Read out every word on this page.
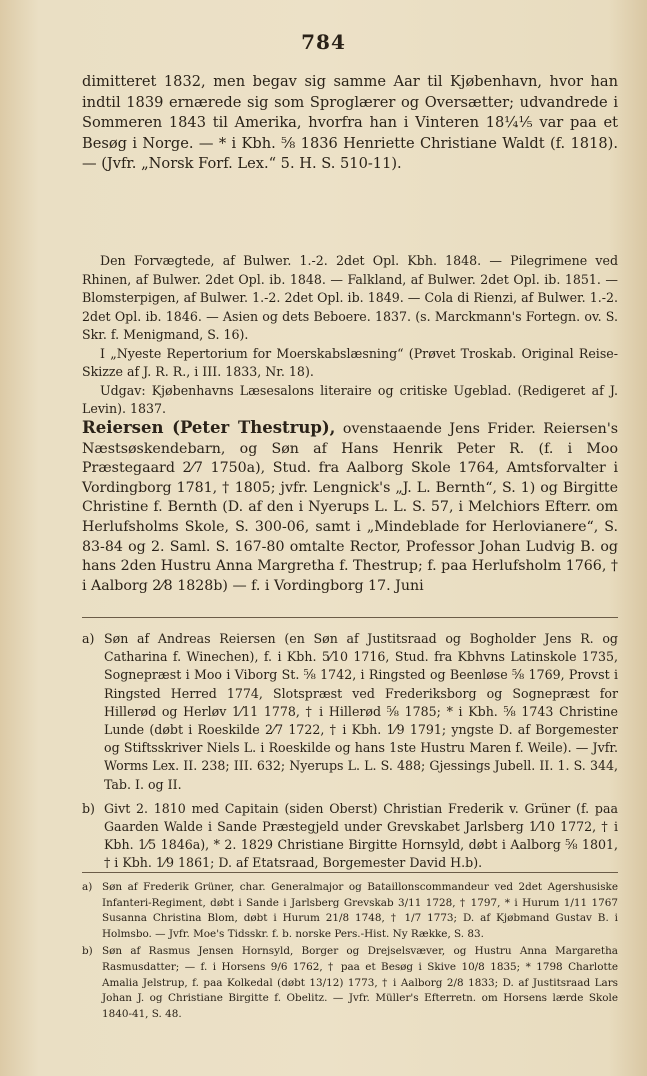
784

dimitteret 1832, men begav sig samme Aar til Kjøbenhavn, hvor han indtil 1839 ernærede sig som Sproglærer og Oversætter; udvandrede i Sommeren 1843 til Amerika, hvorfra han i Vinteren 18¼⅕ var paa et Besøg i Norge. — * i Kbh. ⅝ 1836 Henriette Christiane Waldt (f. 1818). — (Jvfr. „Norsk Forf. Lex.“ 5. H. S. 510-11).

Den Forvægtede, af Bulwer. 1.-2. 2det Opl. Kbh. 1848. — Pilegrimene ved Rhinen, af Bulwer. 2det Opl. ib. 1848. — Falkland, af Bulwer. 2det Opl. ib. 1851. — Blomsterpigen, af Bulwer. 1.-2. 2det Opl. ib. 1849. — Cola di Rienzi, af Bulwer. 1.-2. 2det Opl. ib. 1846. — Asien og dets Beboere. 1837. (s. Marckmann's Fortegn. ov. S. Skr. f. Menigmand, S. 16).

I „Nyeste Repertorium for Moerskabslæsning“ (Prøvet Troskab. Original Reise-Skizze af J. R. R., i III. 1833, Nr. 18).

Udgav: Kjøbenhavns Læsesalons literaire og critiske Ugeblad. (Redigeret af J. Levin). 1837.

Reiersen (Peter Thestrup), ovenstaaende Jens Frider. Reiersen's Næstsøskendebarn, og Søn af Hans Henrik Peter R. (f. i Moo Præstegaard 2⁄7 1750a), Stud. fra Aalborg Skole 1764, Amtsforvalter i Vordingborg 1781, † 1805; jvfr. Lengnick's „J. L. Bernth“, S. 1) og Birgitte Christine f. Bernth (D. af den i Nyerups L. L. S. 57, i Melchiors Efterr. om Herlufsholms Skole, S. 300-06, samt i „Mindeblade for Herlovianere“, S. 83-84 og 2. Saml. S. 167-80 omtalte Rector, Professor Johan Ludvig B. og hans 2den Hustru Anna Margretha f. Thestrup; f. paa Herlufsholm 1766, † i Aalborg 2⁄8 1828b) — f. i Vordingborg 17. Juni

a) Søn af Andreas Reiersen (en Søn af Justitsraad og Bogholder Jens R. og Catharina f. Winechen), f. i Kbh. 5⁄10 1716, Stud. fra Kbhvns Latinskole 1735, Sognepræst i Moo i Viborg St. ⅝ 1742, i Ringsted og Beenløse ⅝ 1769, Provst i Ringsted Herred 1774, Slotspræst ved Frederiksborg og Sognepræst for Hillerød og Herløv 1⁄11 1778, † i Hillerød ⅝ 1785; * i Kbh. ⅝ 1743 Christine Lunde (døbt i Roeskilde 2⁄7 1722, † i Kbh. 1⁄9 1791; yngste D. af Borgemester og Stiftsskriver Niels L. i Roeskilde og hans 1ste Hustru Maren f. Weile). — Jvfr. Worms Lex. II. 238; III. 632; Nyerups L. L. S. 488; Gjessings Jubell. II. 1. S. 344, Tab. I. og II.

b) Givt 2. 1810 med Capitain (siden Oberst) Christian Frederik v. Grüner (f. paa Gaarden Walde i Sande Præstegjeld under Grevskabet Jarlsberg 1⁄10 1772, † i Kbh. 1⁄5 1846a), * 2. 1829 Christiane Birgitte Hornsyld, døbt i Aalborg ⅝ 1801, † i Kbh. 1⁄9 1861; D. af Etatsraad, Borgemester David H.b).

a) Søn af Frederik Grüner, char. Generalmajor og Bataillonscommandeur ved 2det Agershusiske Infanteri-Regiment, døbt i Sande i Jarlsberg Grevskab 3/11 1728, † 1797, * i Hurum 1/11 1767 Susanna Christina Blom, døbt i Hurum 21/8 1748, † 1/7 1773; D. af Kjøbmand Gustav B. i Holmsbo. — Jvfr. Moe's Tidsskr. f. b. norske Pers.-Hist. Ny Række, S. 83.

b) Søn af Rasmus Jensen Hornsyld, Borger og Drejselsvæver, og Hustru Anna Margaretha Rasmusdatter; — f. i Horsens 9/6 1762, † paa et Besøg i Skive 10/8 1835; * 1798 Charlotte Amalia Jelstrup, f. paa Kolkedal (døbt 13/12) 1773, † i Aalborg 2/8 1833; D. af Justitsraad Lars Johan J. og Christiane Birgitte f. Obelitz. — Jvfr. Müller's Efterretn. om Horsens lærde Skole 1840-41, S. 48.
